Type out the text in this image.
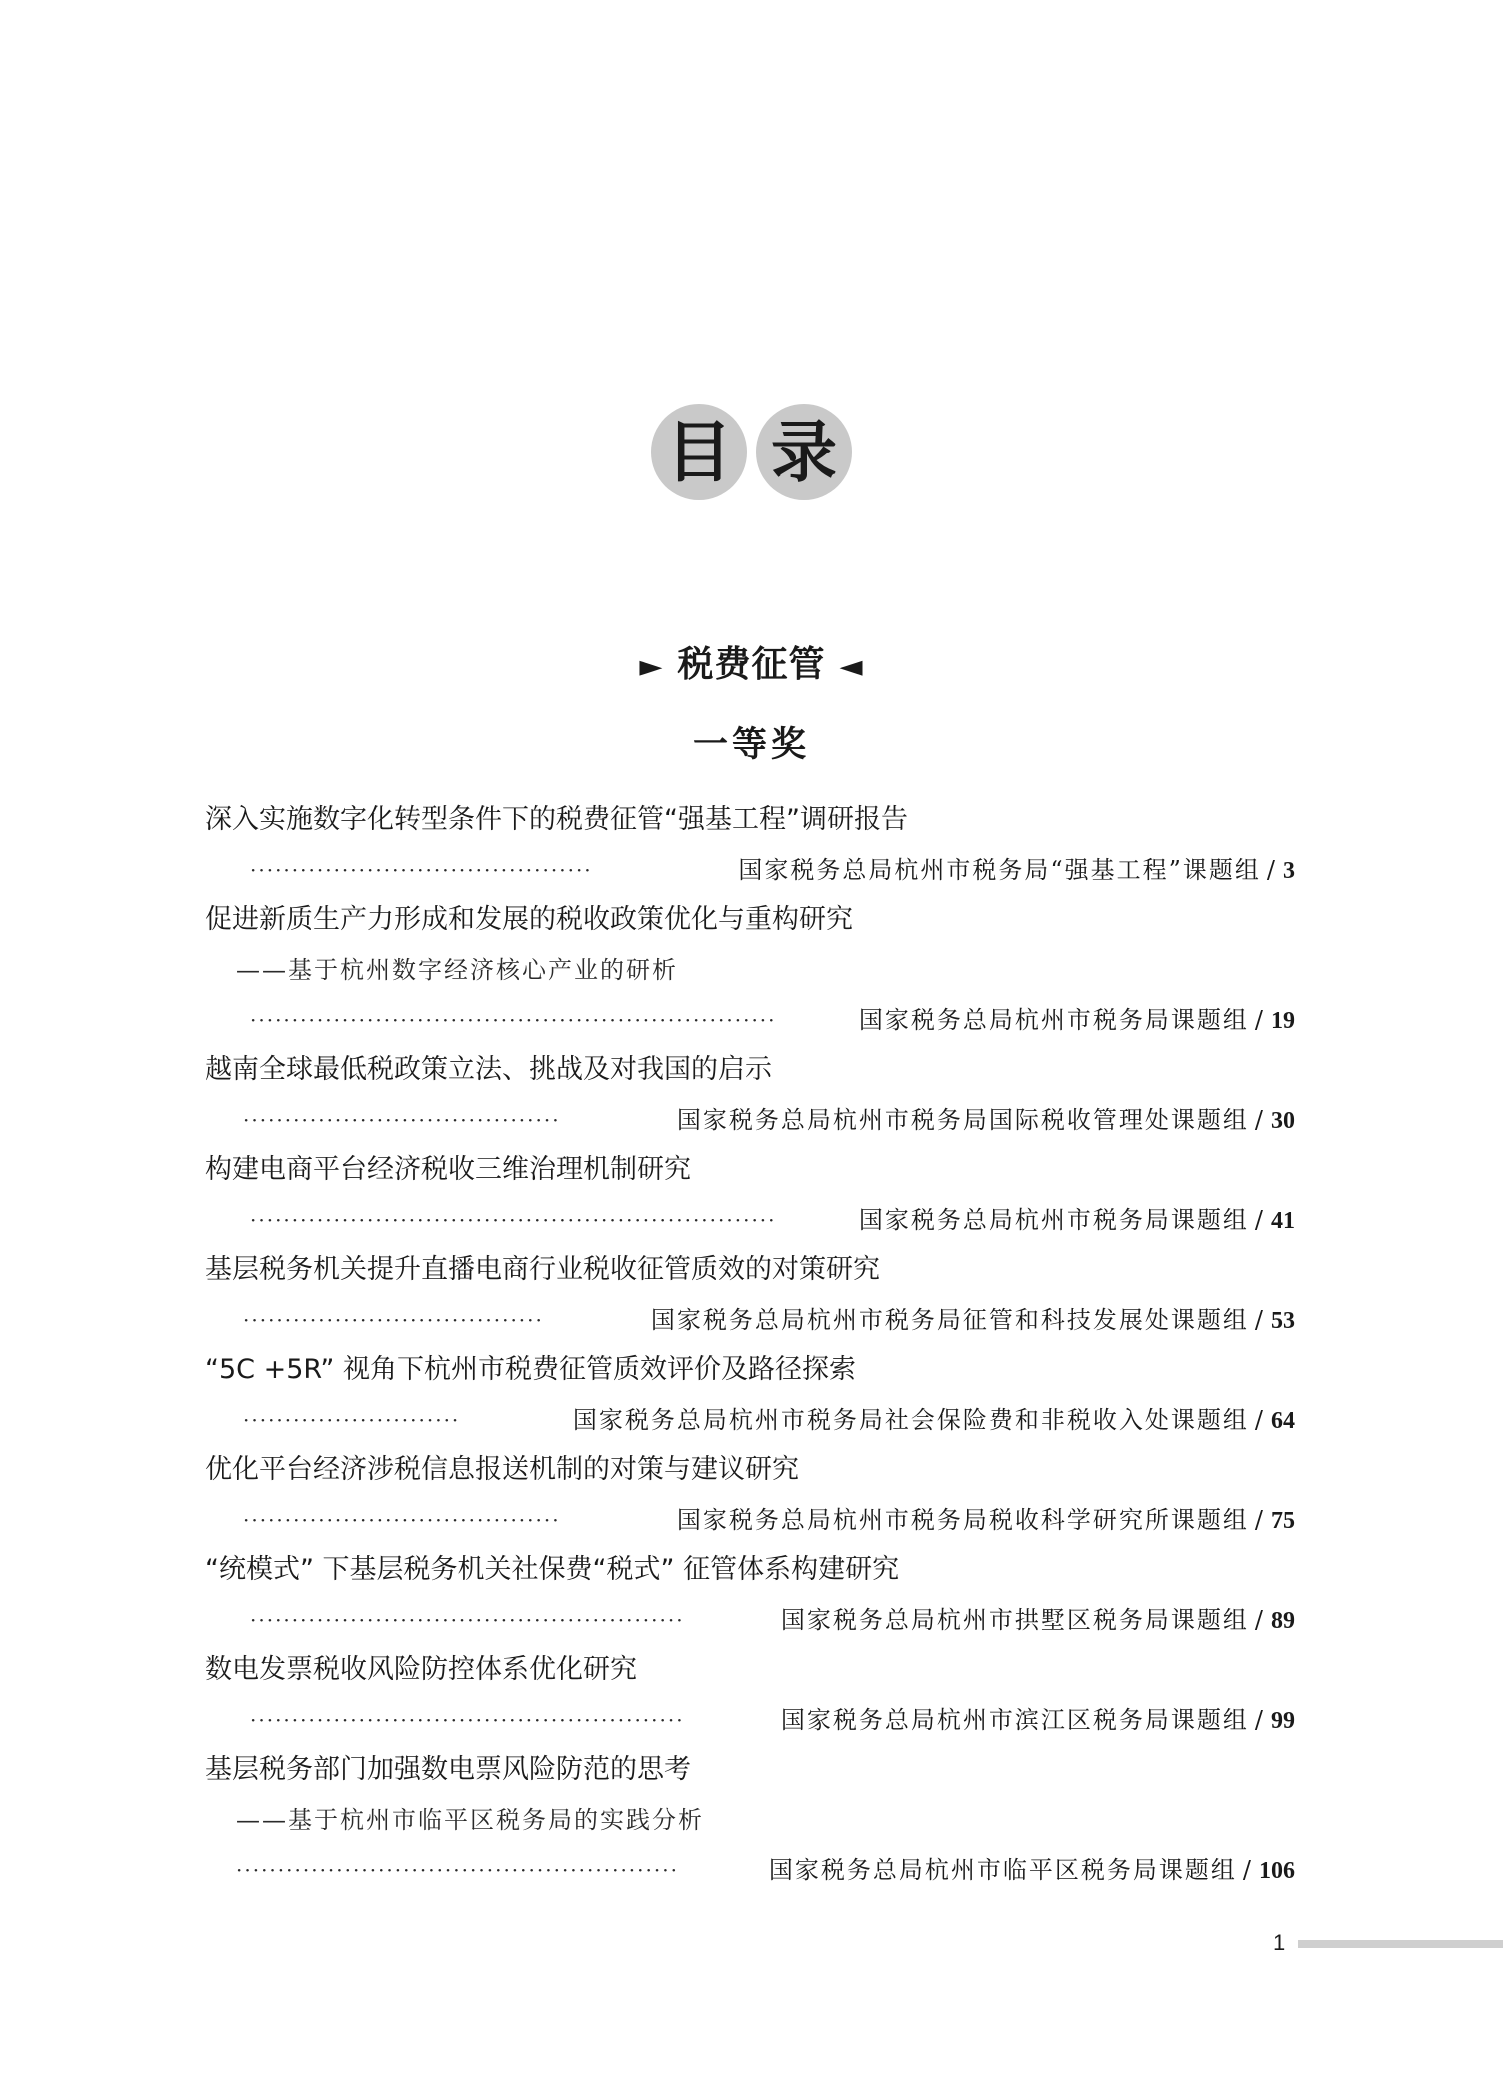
目 录
► 税费征管 ◄
一等奖
深入实施数字化转型条件下的税费征管“强基工程”调研报告
·········································	国家税务总局杭州市税务局“强基工程”课题组 / 3
促进新质生产力形成和发展的税收政策优化与重构研究
——基于杭州数字经济核心产业的研析
·······························································	国家税务总局杭州市税务局课题组 / 19
越南全球最低税政策立法、挑战及对我国的启示
······································	国家税务总局杭州市税务局国际税收管理处课题组 / 30
构建电商平台经济税收三维治理机制研究
·······························································	国家税务总局杭州市税务局课题组 / 41
基层税务机关提升直播电商行业税收征管质效的对策研究
····································	国家税务总局杭州市税务局征管和科技发展处课题组 / 53
“5C +5R” 视角下杭州市税费征管质效评价及路径探索
··························	国家税务总局杭州市税务局社会保险费和非税收入处课题组 / 64
优化平台经济涉税信息报送机制的对策与建议研究
······································	国家税务总局杭州市税务局税收科学研究所课题组 / 75
“统模式” 下基层税务机关社保费“税式” 征管体系构建研究
····················································	国家税务总局杭州市拱墅区税务局课题组 / 89
数电发票税收风险防控体系优化研究
····················································	国家税务总局杭州市滨江区税务局课题组 / 99
基层税务部门加强数电票风险防范的思考
——基于杭州市临平区税务局的实践分析
·····················································	国家税务总局杭州市临平区税务局课题组 / 106
1
